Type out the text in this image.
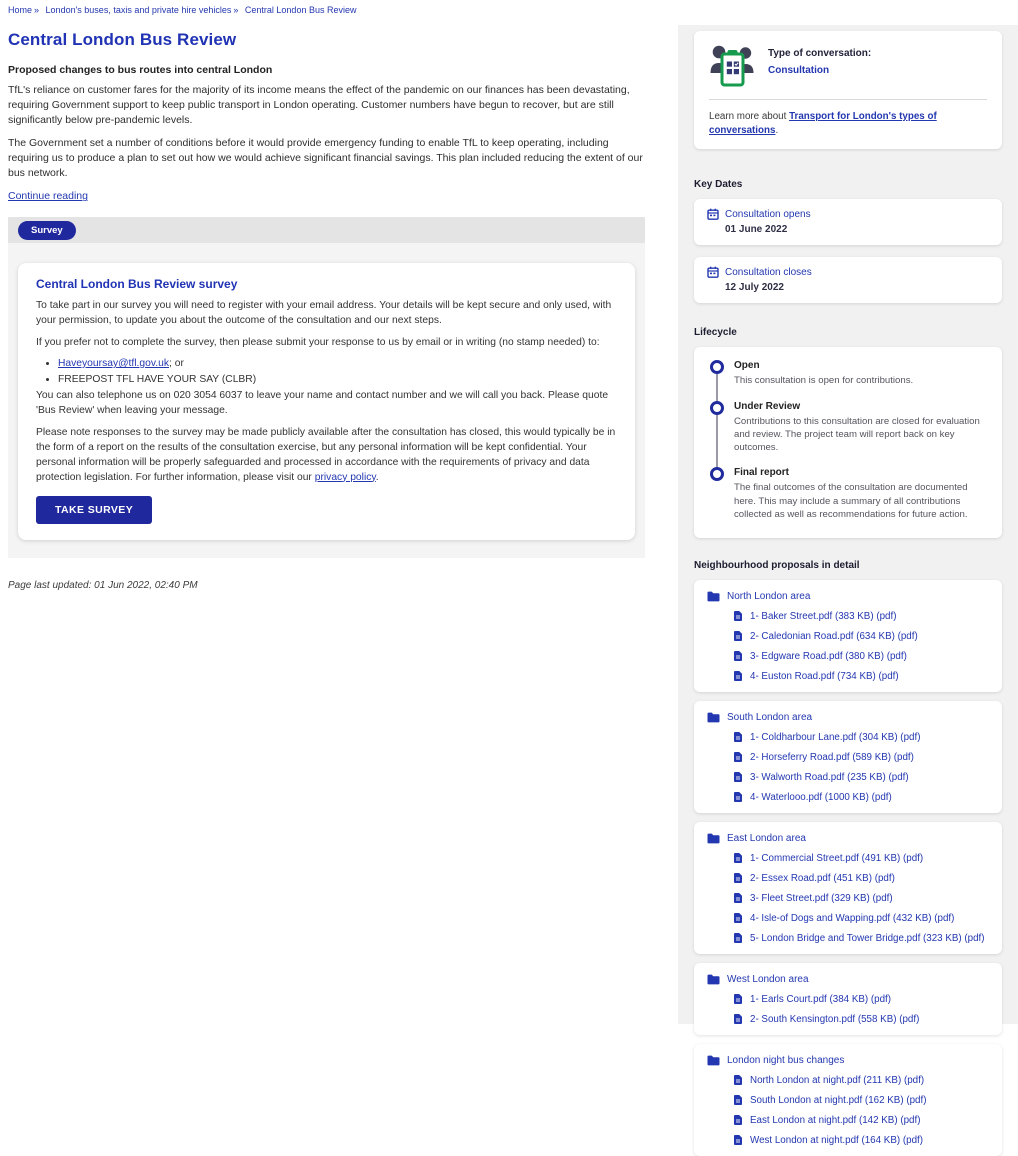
Home » London's buses, taxis and private hire vehicles » Central London Bus Review
Central London Bus Review
Proposed changes to bus routes into central London

TfL's reliance on customer fares for the majority of its income means the effect of the pandemic on our finances has been devastating, requiring Government support to keep public transport in London operating. Customer numbers have begun to recover, but are still significantly below pre-pandemic levels.

The Government set a number of conditions before it would provide emergency funding to enable TfL to keep operating, including requiring us to produce a plan to set out how we would achieve significant financial savings. This plan included reducing the extent of our bus network.

Continue reading
Survey
Central London Bus Review survey

To take part in our survey you will need to register with your email address. Your details will be kept secure and only used, with your permission, to update you about the outcome of the consultation and our next steps.

If you prefer not to complete the survey, then please submit your response to us by email or in writing (no stamp needed) to:

• Haveyoursay@tfl.gov.uk; or
• FREEPOST TFL HAVE YOUR SAY (CLBR)

You can also telephone us on 020 3054 6037 to leave your name and contact number and we will call you back. Please quote 'Bus Review' when leaving your message.

Please note responses to the survey may be made publicly available after the consultation has closed, this would typically be in the form of a report on the results of the consultation exercise, but any personal information will be kept confidential. Your personal information will be properly safeguarded and processed in accordance with the requirements of privacy and data protection legislation. For further information, please visit our privacy policy.

TAKE SURVEY

Page last updated: 01 Jun 2022, 02:40 PM

Type of conversation:
Consultation

Learn more about Transport for London's types of conversations.

Key Dates
Consultation opens
01 June 2022
Consultation closes
12 July 2022
Lifecycle
Open
This consultation is open for contributions.
Under Review
Contributions to this consultation are closed for evaluation and review. The project team will report back on key outcomes.
Final report
The final outcomes of the consultation are documented here. This may include a summary of all contributions collected as well as recommendations for future action.
Neighbourhood proposals in detail
North London area
1- Baker Street.pdf (383 KB) (pdf)
2- Caledonian Road.pdf (634 KB) (pdf)
3- Edgware Road.pdf (380 KB) (pdf)
4- Euston Road.pdf (734 KB) (pdf)
South London area
1- Coldharbour Lane.pdf (304 KB) (pdf)
2- Horseferry Road.pdf (589 KB) (pdf)
3- Walworth Road.pdf (235 KB) (pdf)
4- Waterlooo.pdf (1000 KB) (pdf)
East London area
1- Commercial Street.pdf (491 KB) (pdf)
2- Essex Road.pdf (451 KB) (pdf)
3- Fleet Street.pdf (329 KB) (pdf)
4- Isle-of Dogs and Wapping.pdf (432 KB) (pdf)
5- London Bridge and Tower Bridge.pdf (323 KB) (pdf)
West London area
1- Earls Court.pdf (384 KB) (pdf)
2- South Kensington.pdf (558 KB) (pdf)
London night bus changes
North London at night.pdf (211 KB) (pdf)
South London at night.pdf (162 KB) (pdf)
East London at night.pdf (142 KB) (pdf)
West London at night.pdf (164 KB) (pdf)
